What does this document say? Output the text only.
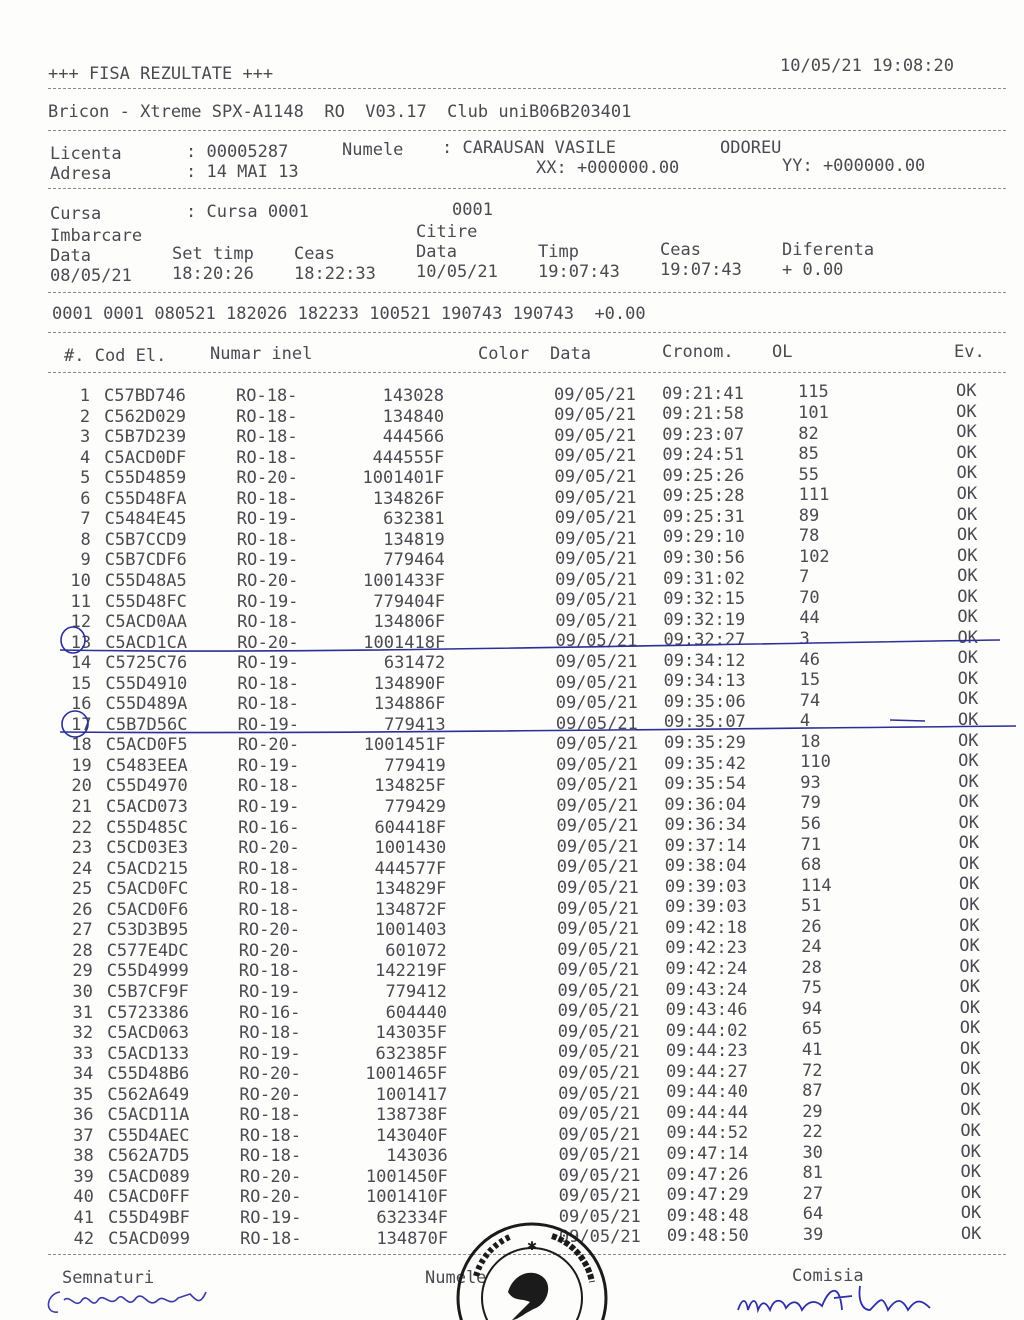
+++ FISA REZULTATE +++	10/05/21 19:08:20
Bricon - Xtreme SPX-A1148  RO  V03.17  Club uniB06B203401
Licenta	: 00005287	Numele : CARAUSAN VASILE	ODOREU
Adresa	: 14 MAI 13	XX: +000000.00	YY: +000000.00
Cursa	: Cursa 0001	0001
Imbarcare	Citire
Data	Set timp Ceas	Data	Timp	Ceas	Diferenta
08/05/21 18:20:26 18:22:33 10/05/21 19:07:43 19:07:43 + 0.00
0001 0001 080521 182026 182233 100521 190743 190743  +0.00
#. Cod El.	Numar inel	Color Data	Cronom. OL	Ev.
1 C57BD746	RO-18-	143028	09/05/21 09:21:41	115	OK
2 C562D029	RO-18-	134840	09/05/21 09:21:58	101	OK
3 C5B7D239	RO-18-	444566	09/05/21 09:23:07	82	OK
4 C5ACD0DF	RO-18-	444555F	09/05/21 09:24:51	85	OK
5 C55D4859	RO-20-	1001401F	09/05/21 09:25:26	55	OK
6 C55D48FA	RO-18-	134826F	09/05/21 09:25:28	111	OK
7 C5484E45	RO-19-	632381	09/05/21 09:25:31	89	OK
8 C5B7CCD9	RO-18-	134819	09/05/21 09:29:10	78	OK
9 C5B7CDF6	RO-19-	779464	09/05/21 09:30:56	102	OK
10 C55D48A5	RO-20-	1001433F	09/05/21 09:31:02	7	OK
11 C55D48FC	RO-19-	779404F	09/05/21 09:32:15	70	OK
12 C5ACD0AA	RO-18-	134806F	09/05/21 09:32:19	44	OK
13 C5ACD1CA	RO-20-	1001418F	09/05/21 09:32:27	3	OK
14 C5725C76	RO-19-	631472	09/05/21 09:34:12	46	OK
15 C55D4910	RO-18-	134890F	09/05/21 09:34:13	15	OK
16 C55D489A	RO-18-	134886F	09/05/21 09:35:06	74	OK
17 C5B7D56C	RO-19-	779413	09/05/21 09:35:07	4	OK
18 C5ACD0F5	RO-20-	1001451F	09/05/21 09:35:29	18	OK
19 C5483EEA	RO-19-	779419	09/05/21 09:35:42	110	OK
20 C55D4970	RO-18-	134825F	09/05/21 09:35:54	93	OK
21 C5ACD073	RO-19-	779429	09/05/21 09:36:04	79	OK
22 C55D485C	RO-16-	604418F	09/05/21 09:36:34	56	OK
23 C5CD03E3	RO-20-	1001430	09/05/21 09:37:14	71	OK
24 C5ACD215	RO-18-	444577F	09/05/21 09:38:04	68	OK
25 C5ACD0FC	RO-18-	134829F	09/05/21 09:39:03	114	OK
26 C5ACD0F6	RO-18-	134872F	09/05/21 09:39:03	51	OK
27 C53D3B95	RO-20-	1001403	09/05/21 09:42:18	26	OK
28 C577E4DC	RO-20-	601072	09/05/21 09:42:23	24	OK
29 C55D4999	RO-18-	142219F	09/05/21 09:42:24	28	OK
30 C5B7CF9F	RO-19-	779412	09/05/21 09:43:24	75	OK
31 C5723386	RO-16-	604440	09/05/21 09:43:46	94	OK
32 C5ACD063	RO-18-	143035F	09/05/21 09:44:02	65	OK
33 C5ACD133	RO-19-	632385F	09/05/21 09:44:23	41	OK
34 C55D48B6	RO-20-	1001465F	09/05/21 09:44:27	72	OK
35 C562A649	RO-20-	1001417	09/05/21 09:44:40	87	OK
36 C5ACD11A	RO-18-	138738F	09/05/21 09:44:44	29	OK
37 C55D4AEC	RO-18-	143040F	09/05/21 09:44:52	22	OK
38 C562A7D5	RO-18-	143036	09/05/21 09:47:14	30	OK
39 C5ACD089	RO-20-	1001450F	09/05/21 09:47:26	81	OK
40 C5ACD0FF	RO-20-	1001410F	09/05/21 09:47:29	27	OK
41 C55D49BF	RO-19-	632334F	09/05/21 09:48:48	64	OK
42 C5ACD099	RO-18-	134870F	09/05/21 09:48:50	39	OK
Semnaturi	Numele	Comisia
✱
